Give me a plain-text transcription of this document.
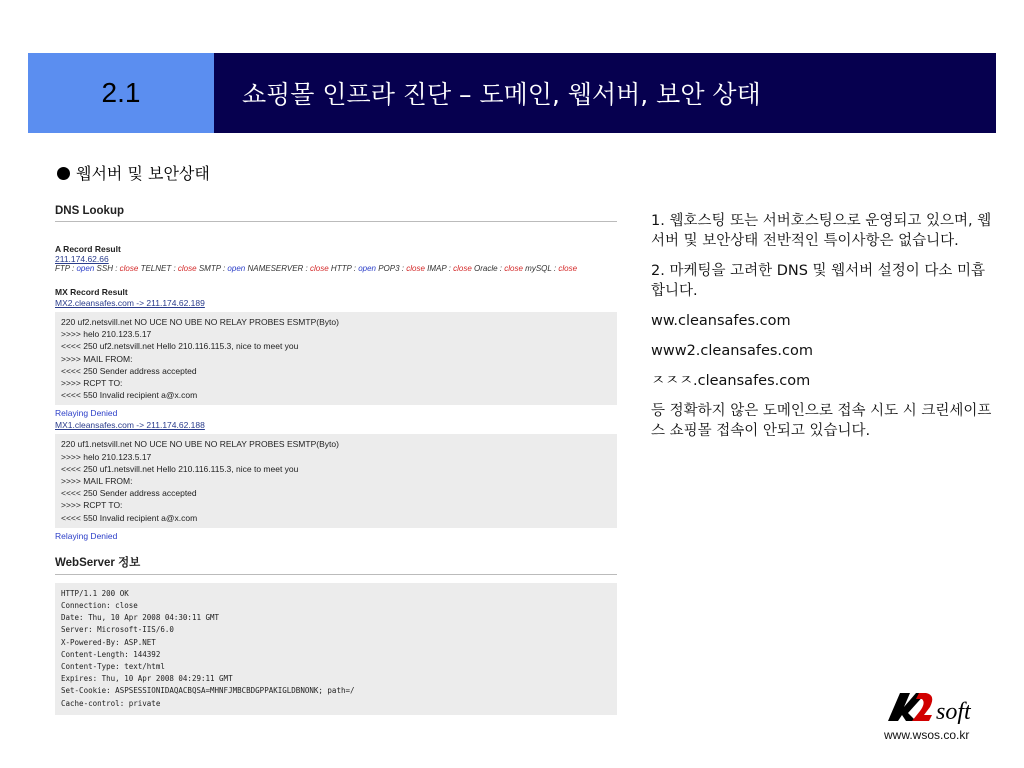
2.1	쇼핑몰 인프라 진단 – 도메인, 웹서버, 보안 상태
웹서버 및 보안상태
DNS Lookup
A Record Result
211.174.62.66
FTP : open SSH : close TELNET : close SMTP : open NAMESERVER : close HTTP : open POP3 : close IMAP : close Oracle : close mySQL : close
MX Record Result
MX2.cleansafes.com -> 211.174.62.189
220 uf2.netsvill.net NO UCE NO UBE NO RELAY PROBES ESMTP(Byto)
>>>> helo 210.123.5.17
<<<< 250 uf2.netsvill.net Hello 210.116.115.3, nice to meet you
>>>> MAIL FROM:
<<<< 250 Sender address accepted
>>>> RCPT TO:
<<<< 550 Invalid recipient a@x.com
Relaying Denied
MX1.cleansafes.com -> 211.174.62.188
220 uf1.netsvill.net NO UCE NO UBE NO RELAY PROBES ESMTP(Byto)
>>>> helo 210.123.5.17
<<<< 250 uf1.netsvill.net Hello 210.116.115.3, nice to meet you
>>>> MAIL FROM:
<<<< 250 Sender address accepted
>>>> RCPT TO:
<<<< 550 Invalid recipient a@x.com
Relaying Denied
WebServer 정보
HTTP/1.1 200 OK
Connection: close
Date: Thu, 10 Apr 2008 04:30:11 GMT
Server: Microsoft-IIS/6.0
X-Powered-By: ASP.NET
Content-Length: 144392
Content-Type: text/html
Expires: Thu, 10 Apr 2008 04:29:11 GMT
Set-Cookie: ASPSESSIONIDAQACBQSA=MHNFJMBCBDGPPAKIGLDBNONK; path=/
Cache-control: private

1. 웹호스팅 또는 서버호스팅으로 운영되고 있으며, 웹서버 및 보안상태 전반적인 특이사항은 없습니다.

2. 마케팅을 고려한 DNS 및 웹서버 설정이 다소 미흡 합니다.

ww.cleansafes.com

www2.cleansafes.com

ㅈㅈㅈ.cleansafes.com

등 정확하지 않은 도메인으로 접속 시도 시 크린세이프스 쇼핑몰 접속이 안되고 있습니다.

soft
www.wsos.co.kr
